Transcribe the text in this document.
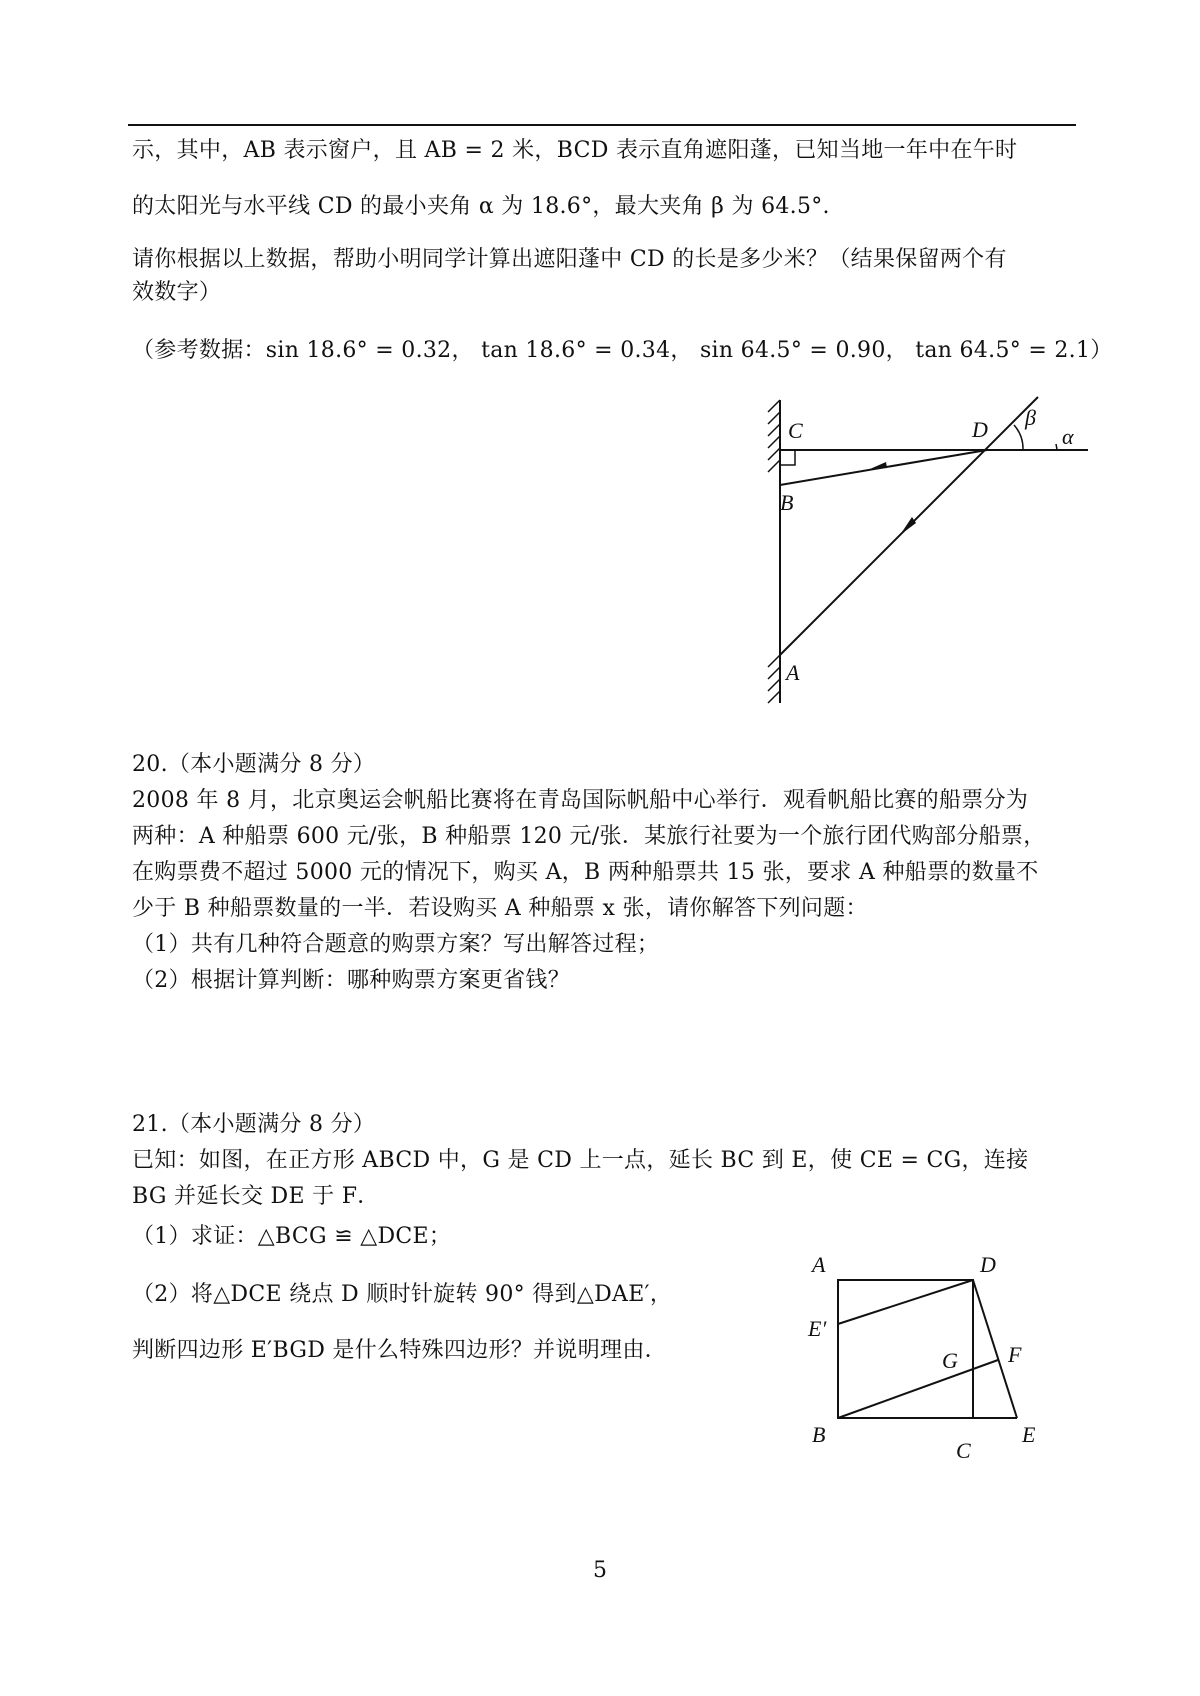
示，其中，AB 表示窗户，且 AB = 2 米，BCD 表示直角遮阳蓬，已知当地一年中在午时
的太阳光与水平线 CD 的最小夹角 α 为 18.6°，最大夹角 β 为 64.5°.
请你根据以上数据，帮助小明同学计算出遮阳蓬中 CD 的长是多少米？（结果保留两个有
效数字）
（参考数据：sin 18.6° = 0.32， tan 18.6° = 0.34， sin 64.5° = 0.90， tan 64.5° = 2.1）
C	D β
α
B
A
20.（本小题满分 8 分）
2008 年 8 月，北京奥运会帆船比赛将在青岛国际帆船中心举行．观看帆船比赛的船票分为
两种：A 种船票 600 元/张，B 种船票 120 元/张．某旅行社要为一个旅行团代购部分船票，
在购票费不超过 5000 元的情况下，购买 A，B 两种船票共 15 张，要求 A 种船票的数量不
少于 B 种船票数量的一半．若设购买 A 种船票 x 张，请你解答下列问题：
（1）共有几种符合题意的购票方案？写出解答过程；
（2）根据计算判断：哪种购票方案更省钱？
21.（本小题满分 8 分）
已知：如图，在正方形 ABCD 中，G 是 CD 上一点，延长 BC 到 E，使 CE = CG，连接
BG 并延长交 DE 于 F．
（1）求证：△BCG ≌ △DCE；
（2）将△DCE 绕点 D 顺时针旋转 90° 得到△DAE′，
判断四边形 E′BGD 是什么特殊四边形？并说明理由．
A	D
E′
G F
B
C
E
5
